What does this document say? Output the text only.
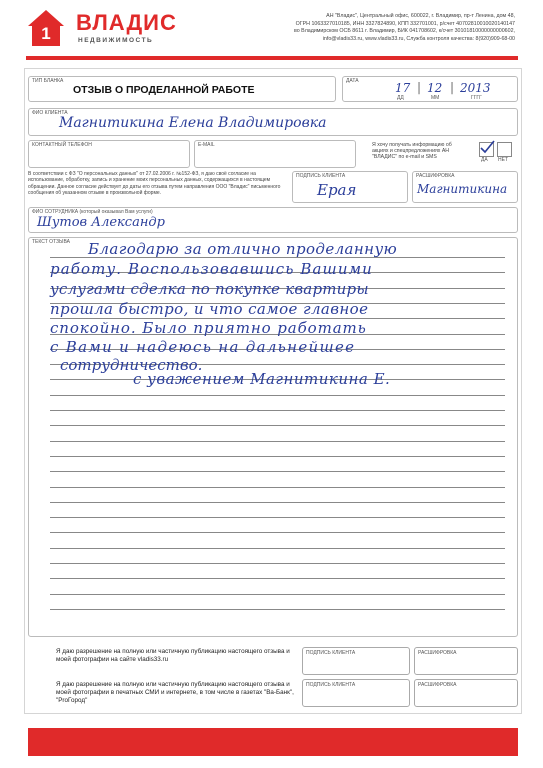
1 ВЛАДИС
НЕДВИЖИМОСТЬ
АН "Владис", Центральный офис, 600022, г. Владимир, пр-т Ленина, дом 48,
ОГРН 1063327010185, ИНН 3327824890, КПП 332701001, р/счет 40702810010020140147
во Владимирском ОСБ 8611 г. Владимир, БИК 041708602, к/счет 30101810000000000602,
info@vladis33.ru, www.vladis33.ru, Служба контроля качества: 8(920)909-68-00
ТИП БЛАНКА
ОТЗЫВ О ПРОДЕЛАННОЙ РАБОТЕ
ДАТА	17 | 12 | 2013
ДД	ММ	ГГГГ
ФИО КЛИЕНТА
Магнитикина Елена Владимировка
КОНТАКТНЫЙ ТЕЛЕФОН	E-MAIL	Я хочу получать информацию об акциях и спецпредложениях АН "ВЛАДИС" по e-mail и SMS	ДА НЕТ
В соответствии с ФЗ "О персональных данных" от 27.02.2006 г. №152-ФЗ, я даю своё согласие на использование, обработку, запись и хранение моих персональных данных, содержащихся в настоящем обращении. Данное согласие действует до даты его отзыва путем направления ООО "Владис" письменного сообщения об указанном отзыве в произвольной форме.
ПОДПИСЬ КЛИЕНТА
Ерая
РАСШИФРОВКА
Магнитикина
ФИО СОТРУДНИКА (который оказывал Вам услуги)
Шутов Александр
ТЕКСТ ОТЗЫВА Благодарю за отлично проделанную
работу. Воспользовавшись Вашими
услугами сделка по покупке квартиры
прошла быстро, и что самое главное
спокойно. Было приятно работать
с Вами и надеюсь на дальнейшее
сотрудничество.
с уважением Магнитикина Е.
Я даю разрешение на полную или частичную публикацию настоящего отзыва и моей фотографии на сайте vladis33.ru
ПОДПИСЬ КЛИЕНТА	РАСШИФРОВКА
Я даю разрешение на полную или частичную публикацию настоящего отзыва и моей фотографии в печатных СМИ и интернете, в том числе в газетах "Ва-Банк", "ProГород"
ПОДПИСЬ КЛИЕНТА	РАСШИФРОВКА
